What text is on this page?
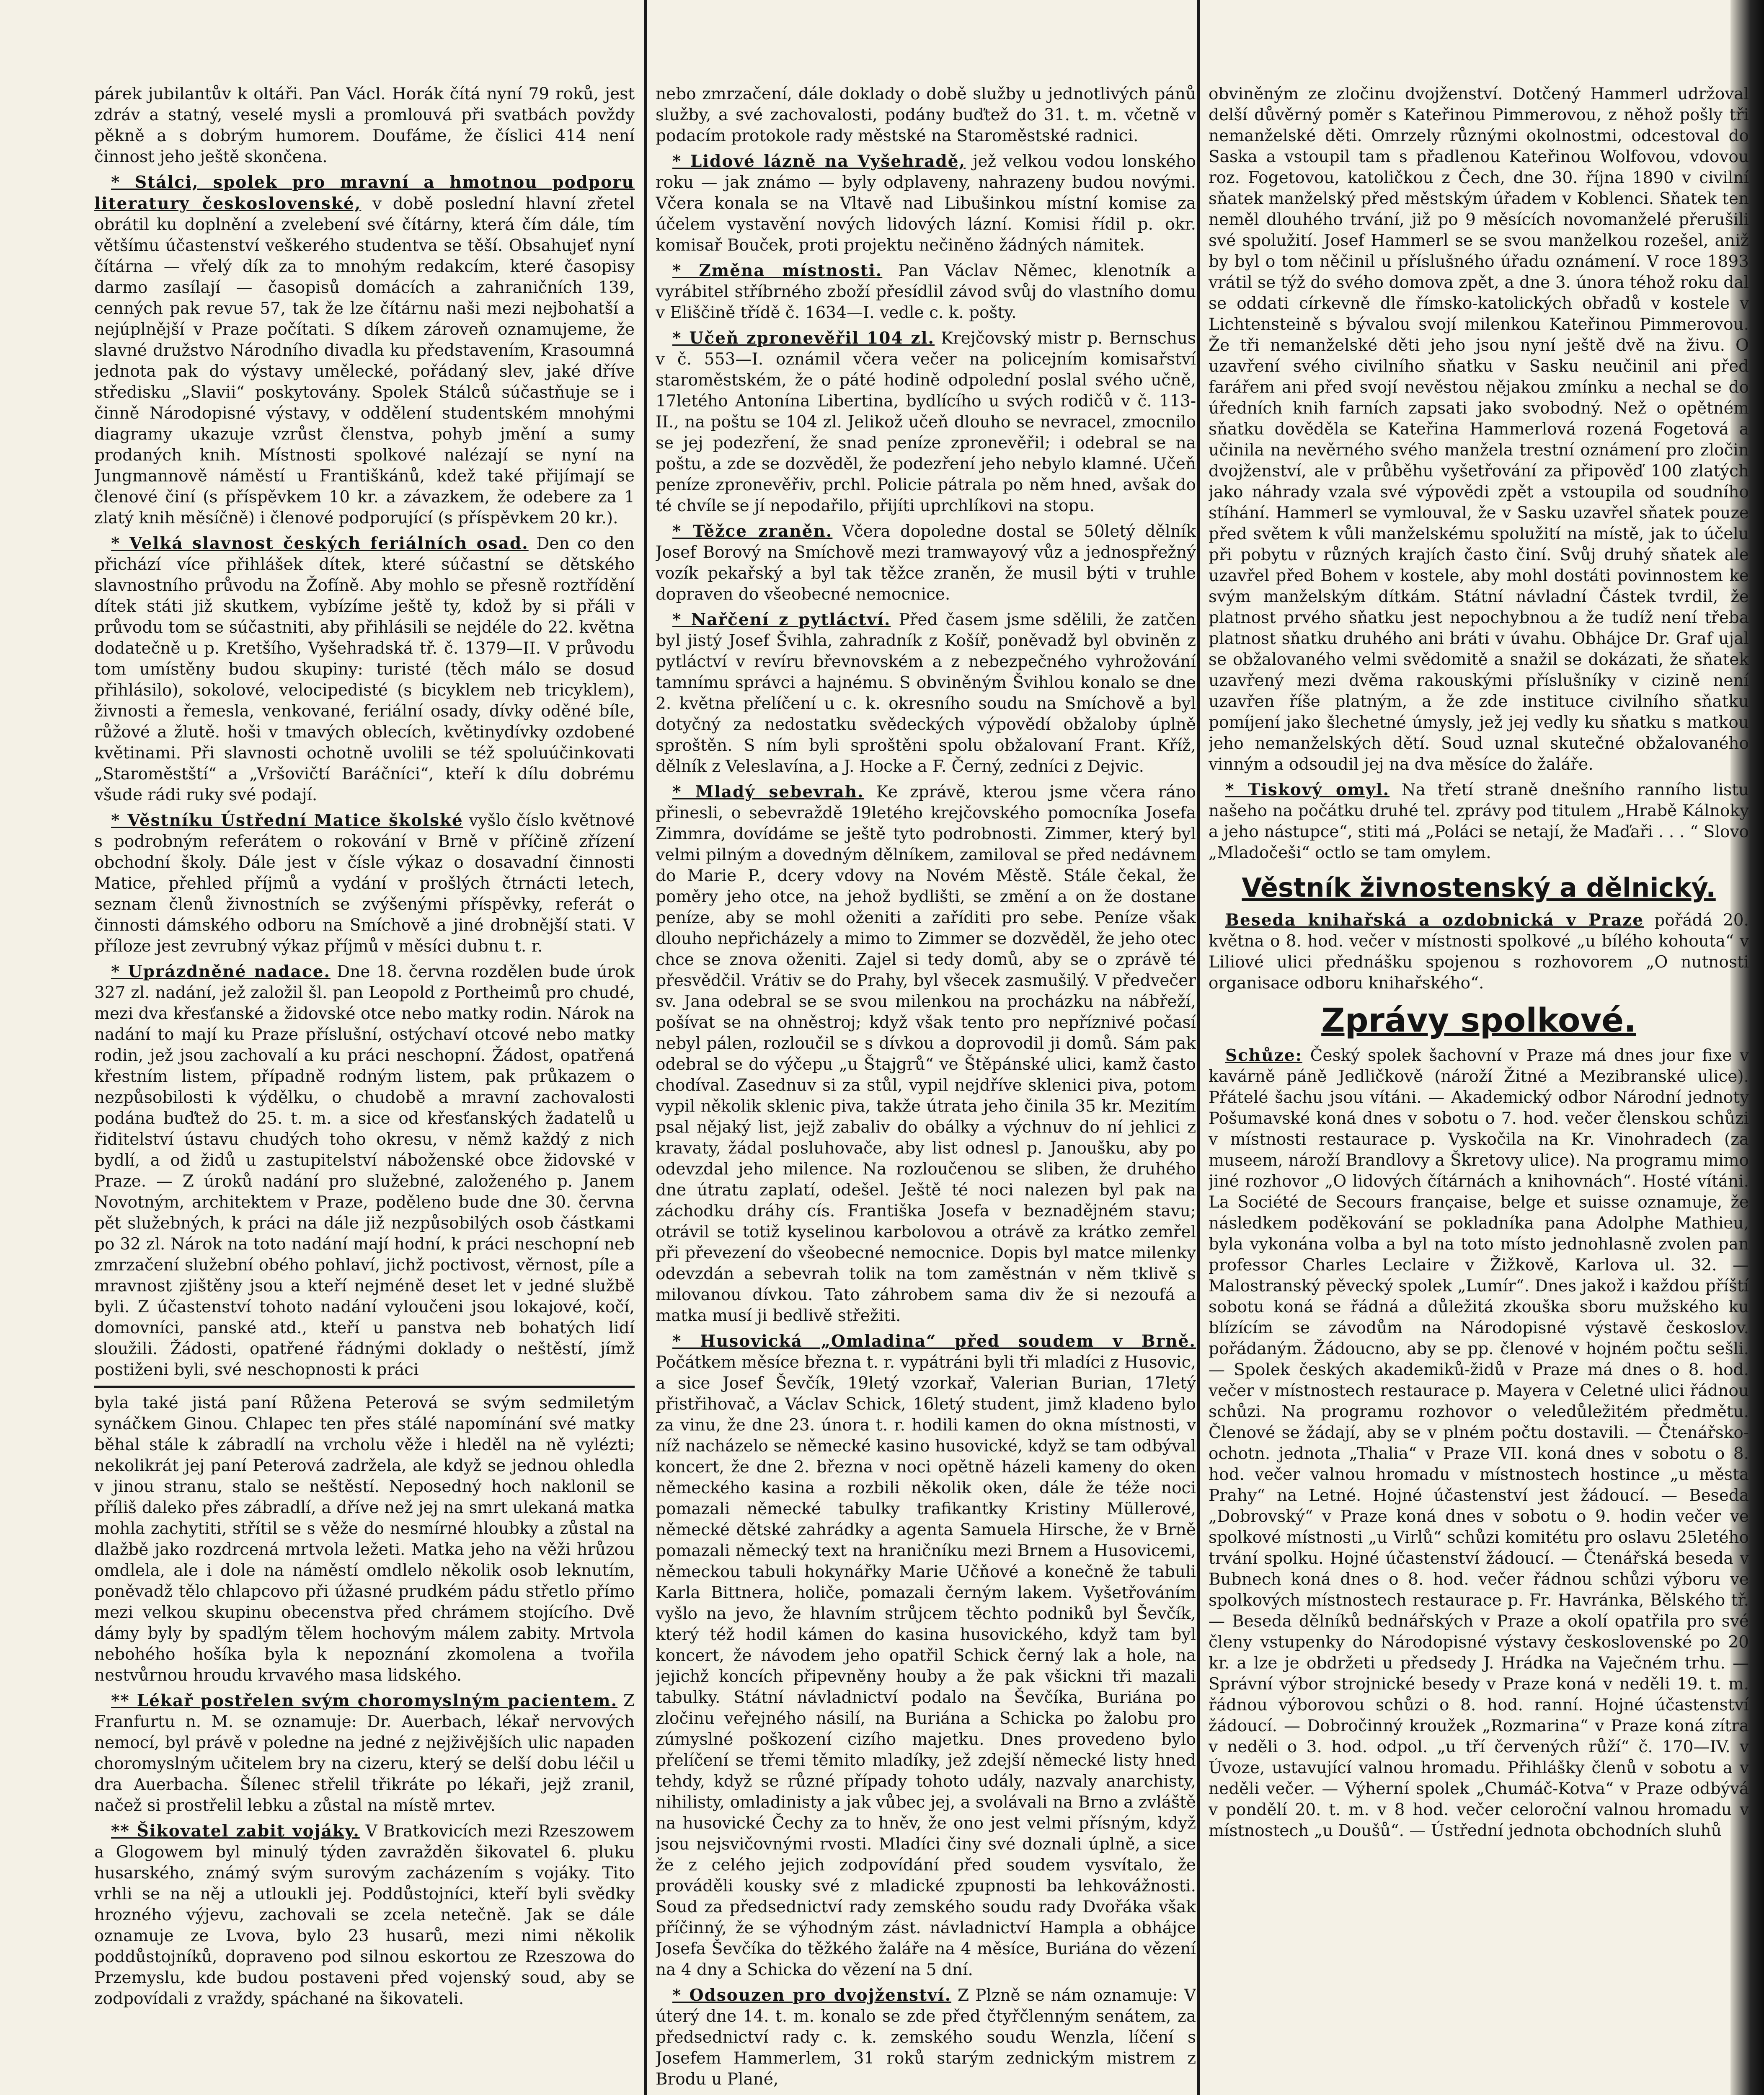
párek jubilantův k oltáři. Pan Václ. Horák čítá nyní 79 roků, jest zdráv a statný, veselé mysli a promlouvá při svatbách povždy pěkně a s dobrým humorem. Doufáme, že číslici 414 není činnost jeho ještě skončena.

* Stálci, spolek pro mravní a hmotnou podporu literatury československé, v době poslední hlavní zřetel obrátil ku doplnění a zvelebení své čítárny, která čím dále, tím většímu účastenství veškerého studentva se těší. Obsahujeť nyní čítárna — vřelý dík za to mnohým redakcím, které časopisy darmo zasílají — časopisů domácích a zahraničních 139, cenných pak revue 57, tak že lze čítárnu naši mezi nejbohatší a nejúplnější v Praze počítati. S díkem zároveň oznamujeme, že slavné družstvo Národního divadla ku představením, Krasoumná jednota pak do výstavy umělecké, pořádaný slev, jaké dříve středisku „Slavii“ poskytovány. Spolek Stálců súčastňuje se i činně Národopisné výstavy, v oddělení studentském mnohými diagramy ukazuje vzrůst členstva, pohyb jmění a sumy prodaných knih. Místnosti spolkové nalézají se nyní na Jungmannově náměstí u Františkánů, kdež také přijímají se členové činí (s příspěvkem 10 kr. a závazkem, že odebere za 1 zlatý knih měsíčně) i členové podporující (s příspěvkem 20 kr.).

* Velká slavnost českých feriálních osad. Den co den přichází více přihlášek dítek, které súčastní se dětského slavnostního průvodu na Žofíně. Aby mohlo se přesně roztřídění dítek státi již skutkem, vybízíme ještě ty, kdož by si přáli v průvodu tom se súčastniti, aby přihlásili se nejdéle do 22. května dodatečně u p. Kretšího, Vyšehradská tř. č. 1379—II. V průvodu tom umístěny budou skupiny: turisté (těch málo se dosud přihlásilo), sokolové, velocipedisté (s bicyklem neb tricyklem), živnosti a řemesla, venkované, feriální osady, dívky oděné bíle, růžové a žlutě. hoši v tmavých oblecích, květinydívky ozdobené květinami. Při slavnosti ochotně uvolili se též spoluúčinkovati „Staroměstští“ a „Vršovičtí Baráčníci“, kteří k dílu dobrému všude rádi ruky své podají.

* Věstníku Ústřední Matice školské vyšlo číslo květnové s podrobným referátem o rokování v Brně v příčině zřízení obchodní školy. Dále jest v čísle výkaz o dosavadní činnosti Matice, přehled příjmů a vydání v prošlých čtrnácti letech, seznam členů živnostních se zvýšenými příspěvky, referát o činnosti dámského odboru na Smíchově a jiné drobnější stati. V příloze jest zevrubný výkaz příjmů v měsíci dubnu t. r.

* Uprázdněné nadace. Dne 18. června rozdělen bude úrok 327 zl. nadání, jež založil šl. pan Leopold z Portheimů pro chudé, mezi dva křesťanské a židovské otce nebo matky rodin. Nárok na nadání to mají ku Praze příslušní, ostýchaví otcové nebo matky rodin, jež jsou zachovalí a ku práci neschopní. Žádost, opatřená křestním listem, případně rodným listem, pak průkazem o nezpůsobilosti k výdělku, o chudobě a mravní zachovalosti podána buďtež do 25. t. m. a sice od křesťanských žadatelů u řiditelství ústavu chudých toho okresu, v němž každý z nich bydlí, a od židů u zastupitelství náboženské obce židovské v Praze. — Z úroků nadání pro služebné, založeného p. Janem Novotným, architektem v Praze, poděleno bude dne 30. června pět služebných, k práci na dále již nezpůsobilých osob částkami po 32 zl. Nárok na toto nadání mají hodní, k práci neschopní neb zmrzačení služební obého pohlaví, jichž poctivost, věrnost, píle a mravnost zjištěny jsou a kteří nejméně deset let v jedné službě byli. Z účastenství tohoto nadání vyloučeni jsou lokajové, kočí, domovníci, panské atd., kteří u panstva neb bohatých lidí sloužili. Žádosti, opatřené řádnými doklady o neštěstí, jímž postiženi byli, své neschopnosti k práci

byla také jistá paní Růžena Peterová se svým sedmiletým synáčkem Ginou. Chlapec ten přes stálé napomínání své matky běhal stále k zábradlí na vrcholu věže i hleděl na ně vylézti; nekolikrát jej paní Peterová zadržela, ale když se jednou ohledla v jinou stranu, stalo se neštěstí. Neposedný hoch naklonil se příliš daleko přes zábradlí, a dříve než jej na smrt ulekaná matka mohla zachytiti, střítil se s věže do nesmírné hloubky a zůstal na dlažbě jako rozdrcená mrtvola ležeti. Matka jeho na věži hrůzou omdlela, ale i dole na náměstí omdlelo několik osob leknutím, poněvadž tělo chlapcovo při úžasné prudkém pádu střetlo přímo mezi velkou skupinu obecenstva před chrámem stojícího. Dvě dámy byly by spadlým tělem hochovým málem zabity. Mrtvola nebohého hošíka byla k nepoznání zkomolena a tvořila nestvůrnou hroudu krvavého masa lidského.

** Lékař postřelen svým choromyslným pacientem. Z Franfurtu n. M. se oznamuje: Dr. Auerbach, lékař nervových nemocí, byl právě v poledne na jedné z nejživějších ulic napaden choromyslným učitelem bry na cizeru, který se delší dobu léčil u dra Auerbacha. Šílenec střelil třikráte po lékaři, jejž zranil, načež si prostřelil lebku a zůstal na místě mrtev.

** Šikovatel zabit vojáky. V Bratkovicích mezi Rzeszowem a Glogowem byl minulý týden zavražděn šikovatel 6. pluku husarského, známý svým surovým zacházením s vojáky. Tito vrhli se na něj a utloukli jej. Poddůstojníci, kteří byli svědky hrozného výjevu, zachovali se zcela netečně. Jak se dále oznamuje ze Lvova, bylo 23 husarů, mezi nimi několik poddůstojníků, dopraveno pod silnou eskortou ze Rzeszowa do Przemyslu, kde budou postaveni před vojenský soud, aby se zodpovídali z vraždy, spáchané na šikovateli.

nebo zmrzačení, dále doklady o době služby u jednotlivých pánů služby, a své zachovalosti, podány buďtež do 31. t. m. včetně v podacím protokole rady městské na Staroměstské radnici.

* Lidové lázně na Vyšehradě, jež velkou vodou lonského roku — jak známo — byly odplaveny, nahrazeny budou novými. Včera konala se na Vltavě nad Libušinkou místní komise za účelem vystavění nových lidových lázní. Komisi řídil p. okr. komisař Bouček, proti projektu nečiněno žádných námitek.

* Změna místnosti. Pan Václav Němec, klenotník a vyrábitel stříbrného zboží přesídlil závod svůj do vlastního domu v Eliščině třídě č. 1634—I. vedle c. k. pošty.

* Učeň zpronevěřil 104 zl. Krejčovský mistr p. Bernschus v č. 553—I. oznámil včera večer na policejním komisařství staroměstském, že o páté hodině odpolední poslal svého učně, 17letého Antonína Libertina, bydlícího u svých rodičů v č. 113-II., na poštu se 104 zl. Jelikož učeň dlouho se nevracel, zmocnilo se jej podezření, že snad peníze zpronevěřil; i odebral se na poštu, a zde se dozvěděl, že podezření jeho nebylo klamné. Učeň peníze zpronevěřiv, prchl. Policie pátrala po něm hned, avšak do té chvíle se jí nepodařilo, přijíti uprchlíkovi na stopu.

* Těžce zraněn. Včera dopoledne dostal se 50letý dělník Josef Borový na Smíchově mezi tramwayový vůz a jednospřežný vozík pekařský a byl tak těžce zraněn, že musil býti v truhle dopraven do všeobecné nemocnice.

* Nařčení z pytláctví. Před časem jsme sdělili, že zatčen byl jistý Josef Švihla, zahradník z Košíř, poněvadž byl obviněn z pytláctví v revíru břevnovském a z nebezpečného vyhrožování tamnímu správci a hajnému. S obviněným Švihlou konalo se dne 2. května přelíčení u c. k. okresního soudu na Smíchově a byl dotyčný za nedostatku svědeckých výpovědí obžaloby úplně sproštěn. S ním byli sproštěni spolu obžalovaní Frant. Kříž, dělník z Veleslavína, a J. Hocke a F. Černý, zedníci z Dejvic.

* Mladý sebevrah. Ke zprávě, kterou jsme včera ráno přinesli, o sebevraždě 19letého krejčovského pomocníka Josefa Zimmra, dovídáme se ještě tyto podrobnosti. Zimmer, který byl velmi pilným a dovedným dělníkem, zamiloval se před nedávnem do Marie P., dcery vdovy na Novém Městě. Stále čekal, že poměry jeho otce, na jehož bydlišti, se změní a on že dostane peníze, aby se mohl oženiti a zaříditi pro sebe. Peníze však dlouho nepřicházely a mimo to Zimmer se dozvěděl, že jeho otec chce se znova oženiti. Zajel si tedy domů, aby se o zprávě té přesvědčil. Vrátiv se do Prahy, byl všecek zasmušilý. V předvečer sv. Jana odebral se se svou milenkou na procházku na nábřeží, pošívat se na ohněstroj; když však tento pro nepříznivé počasí nebyl pálen, rozloučil se s dívkou a doprovodil ji domů. Sám pak odebral se do výčepu „u Štajgrů“ ve Štěpánské ulici, kamž často chodíval. Zasednuv si za stůl, vypil nejdříve sklenici piva, potom vypil několik sklenic piva, takže útrata jeho činila 35 kr. Mezitím psal nějaký list, jejž zabaliv do obálky a výchnuv do ní jehlici z kravaty, žádal posluhovače, aby list odnesl p. Janoušku, aby po odevzdal jeho milence. Na rozloučenou se sliben, že druhého dne útratu zaplatí, odešel. Ještě té noci nalezen byl pak na záchodku dráhy cís. Františka Josefa v beznadějném stavu; otrávil se totiž kyselinou karbolovou a otrávě za krátko zemřel při převezení do všeobecné nemocnice. Dopis byl matce milenky odevzdán a sebevrah tolik na tom zaměstnán v něm tklivě s milovanou dívkou. Tato záhrobem sama div že si nezoufá a matka musí ji bedlivě střežiti.

* Husovická „Omladina“ před soudem v Brně. Počátkem měsíce března t. r. vypátráni byli tři mladíci z Husovic, a sice Josef Ševčík, 19letý vzorkař, Valerian Burian, 17letý přistřihovač, a Václav Schick, 16letý student, jimž kladeno bylo za vinu, že dne 23. února t. r. hodili kamen do okna místnosti, v níž nacházelo se německé kasino husovické, když se tam odbýval koncert, že dne 2. března v noci opětně házeli kameny do oken německého kasina a rozbili několik oken, dále že téže noci pomazali německé tabulky trafikantky Kristiny Müllerové, německé dětské zahrádky a agenta Samuela Hirsche, že v Brně pomazali německý text na hraničníku mezi Brnem a Husovicemi, německou tabuli hokynářky Marie Učňové a konečně že tabuli Karla Bittnera, holiče, pomazali černým lakem. Vyšetřováním vyšlo na jevo, že hlavním strůjcem těchto podniků byl Ševčík, který též hodil kámen do kasina husovického, když tam byl koncert, že návodem jeho opatřil Schick černý lak a hole, na jejichž koncích připevněny houby a že pak všickni tři mazali tabulky. Státní návladnictví podalo na Ševčíka, Buriána po zločinu veřejného násilí, na Buriána a Schicka po žalobu pro zúmyslné poškození cizího majetku. Dnes provedeno bylo přelíčení se třemi těmito mladíky, jež zdejší německé listy hned tehdy, když se různé případy tohoto udály, nazvaly anarchisty, nihilisty, omladinisty a jak vůbec jej, a svolávali na Brno a zvláště na husovické Čechy za to hněv, že ono jest velmi přísným, když jsou nejsvičovnými rvosti. Mladíci činy své doznali úplně, a sice že z celého jejich zodpovídání před soudem vysvítalo, že prováděli kousky své z mladické zpupnosti ba lehkovážnosti. Soud za předsednictví rady zemského soudu rady Dvořáka však příčinný, že se výhodným zást. návladnictví Hampla a obhájce Josefa Ševčíka do těžkého žaláře na 4 měsíce, Buriána do vězení na 4 dny a Schicka do vězení na 5 dní.

* Odsouzen pro dvojženství. Z Plzně se nám oznamuje: V úterý dne 14. t. m. konalo se zde před čtyřčlenným senátem, za předsednictví rady c. k. zemského soudu Wenzla, líčení s Josefem Hammerlem, 31 roků starým zednickým mistrem z Brodu u Plané,

obviněným ze zločinu dvojženství. Dotčený Hammerl udržoval delší důvěrný poměr s Kateřinou Pimmerovou, z něhož pošly tři nemanželské děti. Omrzely různými okolnostmi, odcestoval do Saska a vstoupil tam s přadlenou Kateřinou Wolfovou, vdovou roz. Fogetovou, katoličkou z Čech, dne 30. října 1890 v civilní sňatek manželský před městským úřadem v Koblenci. Sňatek ten neměl dlouhého trvání, již po 9 měsících novomanželé přerušili své spolužití. Josef Hammerl se se svou manželkou rozešel, aniž by byl o tom něčinil u příslušného úřadu oznámení. V roce 1893 vrátil se týž do svého domova zpět, a dne 3. února téhož roku dal se oddati církevně dle římsko-katolických obřadů v kostele v Lichtensteině s bývalou svojí milenkou Kateřinou Pimmerovou. Že tři nemanželské děti jeho jsou nyní ještě dvě na živu. O uzavření svého civilního sňatku v Sasku neučinil ani před farářem ani před svojí nevěstou nějakou zmínku a nechal se do úředních knih farních zapsati jako svobodný. Než o opětném sňatku dověděla se Kateřina Hammerlová rozená Fogetová a učinila na nevěrného svého manžela trestní oznámení pro zločin dvojženství, ale v průběhu vyšetřování za připověď 100 zlatých jako náhrady vzala své výpovědi zpět a vstoupila od soudního stíhání. Hammerl se vymlouval, že v Sasku uzavřel sňatek pouze před světem k vůli manželskému spolužití na místě, jak to účelu při pobytu v různých krajích často činí. Svůj druhý sňatek ale uzavřel před Bohem v kostele, aby mohl dostáti povinnostem ke svým manželským dítkám. Státní návladní Částek tvrdil, že platnost prvého sňatku jest nepochybnou a že tudíž není třeba platnost sňatku druhého ani bráti v úvahu. Obhájce Dr. Graf ujal se obžalovaného velmi svědomitě a snažil se dokázati, že sňatek uzavřený mezi dvěma rakouskými příslušníky v cizině není uzavřen říše platným, a že zde instituce civilního sňatku pomíjení jako šlechetné úmysly, jež jej vedly ku sňatku s matkou jeho nemanželských dětí. Soud uznal skutečné obžalovaného vinným a odsoudil jej na dva měsíce do žaláře.

* Tiskový omyl. Na třetí straně dnešního ranního listu našeho na počátku druhé tel. zprávy pod titulem „Hrabě Kálnoky a jeho nástupce“, stiti má „Poláci se netají, že Maďaři . . . “ Slovo „Mladočeši“ octlo se tam omylem.

Věstník živnostenský a dělnický.

Beseda knihařská a ozdobnická v Praze pořádá 20. května o 8. hod. večer v místnosti spolkové „u bílého kohouta“ v Liliové ulici přednášku spojenou s rozhovorem „O nutnosti organisace odboru knihařského“.

Zprávy spolkové.

Schůze: Český spolek šachovní v Praze má dnes jour fixe v kavárně páně Jedličkově (nároží Žitné a Mezibranské ulice). Přátelé šachu jsou vítáni. — Akademický odbor Národní jednoty Pošumavské koná dnes v sobotu o 7. hod. večer členskou schůzi v místnosti restaurace p. Vyskočila na Kr. Vinohradech (za museem, nároží Brandlovy a Škretovy ulice). Na programu mimo jiné rozhovor „O lidových čítárnách a knihovnách“. Hosté vítáni. La Société de Secours française, belge et suisse oznamuje, že následkem poděkování se pokladníka pana Adolphe Mathieu, byla vykonána volba a byl na toto místo jednohlasně zvolen pan professor Charles Leclaire v Žižkově, Karlova ul. 32. — Malostranský pěvecký spolek „Lumír“. Dnes jakož i každou příští sobotu koná se řádná a důležitá zkouška sboru mužského ku blízícím se závodům na Národopisné výstavě českoslov. pořádaným. Žádoucno, aby se pp. členové v hojném počtu sešli. — Spolek českých akademiků-židů v Praze má dnes o 8. hod. večer v místnostech restaurace p. Mayera v Celetné ulici řádnou schůzi. Na programu rozhovor o veledůležitém předmětu. Členové se žádají, aby se v plném počtu dostavili. — Čtenářsko-ochotn. jednota „Thalia“ v Praze VII. koná dnes v sobotu o 8. hod. večer valnou hromadu v místnostech hostince „u města Prahy“ na Letné. Hojné účastenství jest žádoucí. — Beseda „Dobrovský“ v Praze koná dnes v sobotu o 9. hodin večer ve spolkové místnosti „u Virlů“ schůzi komitétu pro oslavu 25letého trvání spolku. Hojné účastenství žádoucí. — Čtenářská beseda v Bubnech koná dnes o 8. hod. večer řádnou schůzi výboru ve spolkových místnostech restaurace p. Fr. Havránka, Bělského tř. — Beseda dělníků bednářských v Praze a okolí opatřila pro své členy vstupenky do Národopisné výstavy československé po 20 kr. a lze je obdržeti u předsedy J. Hrádka na Vaječném trhu. — Správní výbor strojnické besedy v Praze koná v neděli 19. t. m. řádnou výborovou schůzi o 8. hod. ranní. Hojné účastenství žádoucí. — Dobročinný kroužek „Rozmarina“ v Praze koná zítra v neděli o 3. hod. odpol. „u tří červených růží“ č. 170—IV. v Úvoze, ustavující valnou hromadu. Přihlášky členů v sobotu a v neděli večer. — Výherní spolek „Chumáč-Kotva“ v Praze odbývá v pondělí 20. t. m. v 8 hod. večer celoroční valnou hromadu v místnostech „u Doušů“. — Ústřední jednota obchodních sluhů
